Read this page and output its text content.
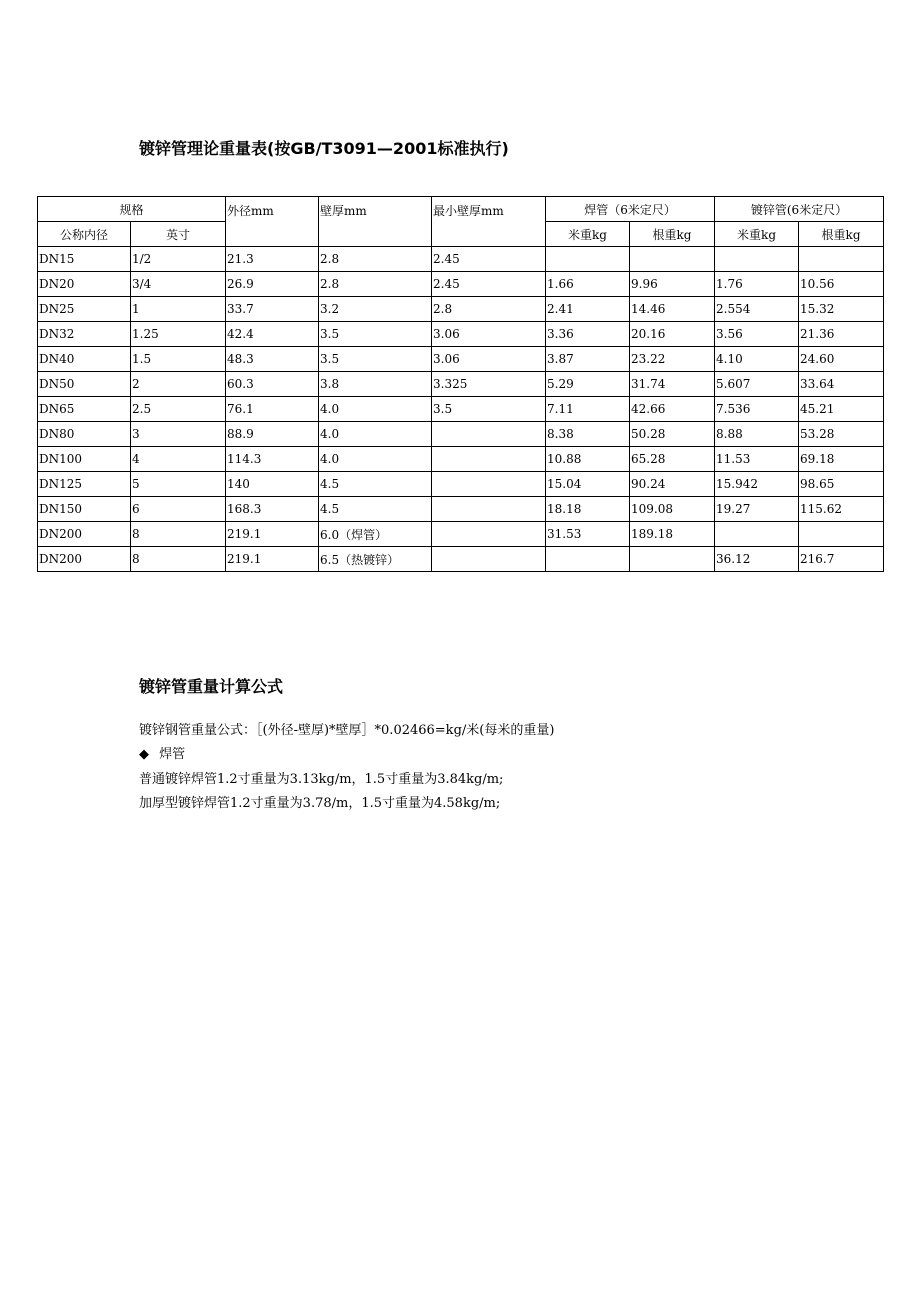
镀锌管理论重量表(按GB/T3091—2001标准执行)
规格		外径mm	壁厚mm	最小壁厚mm	焊管（6米定尺）		镀锌管(6米定尺）	
公称内径	英寸				米重kg	根重kg	米重kg	根重kg
DN15	1/2	21.3	2.8	2.45				
DN20	3/4	26.9	2.8	2.45	1.66	9.96	1.76	10.56
DN25	1	33.7	3.2	2.8	2.41	14.46	2.554	15.32
DN32	1.25	42.4	3.5	3.06	3.36	20.16	3.56	21.36
DN40	1.5	48.3	3.5	3.06	3.87	23.22	4.10	24.60
DN50	2	60.3	3.8	3.325	5.29	31.74	5.607	33.64
DN65	2.5	76.1	4.0	3.5	7.11	42.66	7.536	45.21
DN80	3	88.9	4.0		8.38	50.28	8.88	53.28
DN100	4	114.3	4.0		10.88	65.28	11.53	69.18
DN125	5	140	4.5		15.04	90.24	15.942	98.65
DN150	6	168.3	4.5		18.18	109.08	19.27	115.62
DN200	8	219.1	6.0（焊管）		31.53	189.18		
DN200	8	219.1	6.5（热镀锌）				36.12	216.7
镀锌管重量计算公式
镀锌钢管重量公式：［(外径-壁厚)*壁厚］*0.02466=kg/米(每米的重量)
◆ 焊管
普通镀锌焊管1.2寸重量为3.13kg/m，1.5寸重量为3.84kg/m;
加厚型镀锌焊管1.2寸重量为3.78/m，1.5寸重量为4.58kg/m;
